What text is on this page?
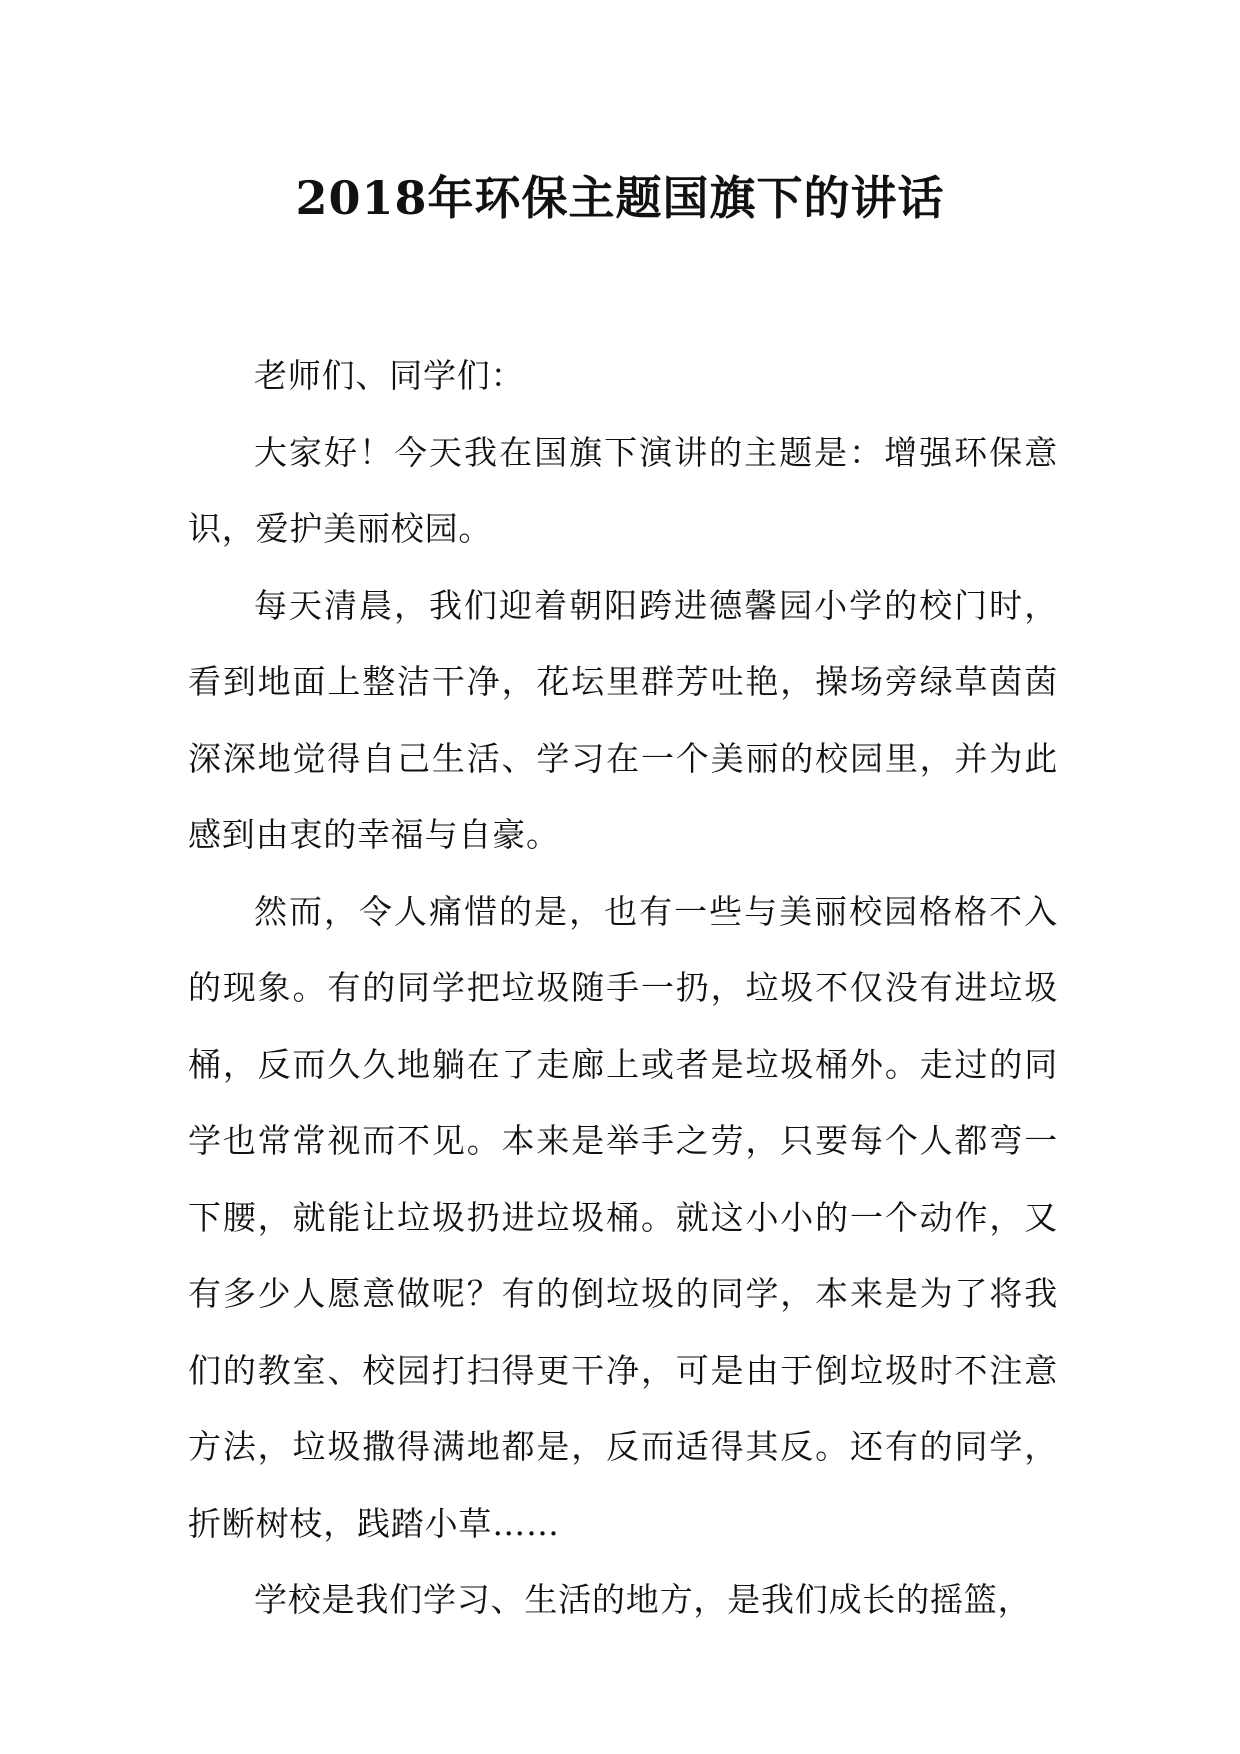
2018年环保主题国旗下的讲话

老师们、同学们：

大家好！今天我在国旗下演讲的主题是：增强环保意识，爱护美丽校园。

每天清晨，我们迎着朝阳跨进德馨园小学的校门时，看到地面上整洁干净，花坛里群芳吐艳，操场旁绿草茵茵深深地觉得自己生活、学习在一个美丽的校园里，并为此感到由衷的幸福与自豪。

然而，令人痛惜的是，也有一些与美丽校园格格不入的现象。有的同学把垃圾随手一扔，垃圾不仅没有进垃圾桶，反而久久地躺在了走廊上或者是垃圾桶外。走过的同学也常常视而不见。本来是举手之劳，只要每个人都弯一下腰，就能让垃圾扔进垃圾桶。就这小小的一个动作，又有多少人愿意做呢？有的倒垃圾的同学，本来是为了将我们的教室、校园打扫得更干净，可是由于倒垃圾时不注意方法，垃圾撒得满地都是，反而适得其反。还有的同学，折断树枝，践踏小草……

学校是我们学习、生活的地方，是我们成长的摇篮，
